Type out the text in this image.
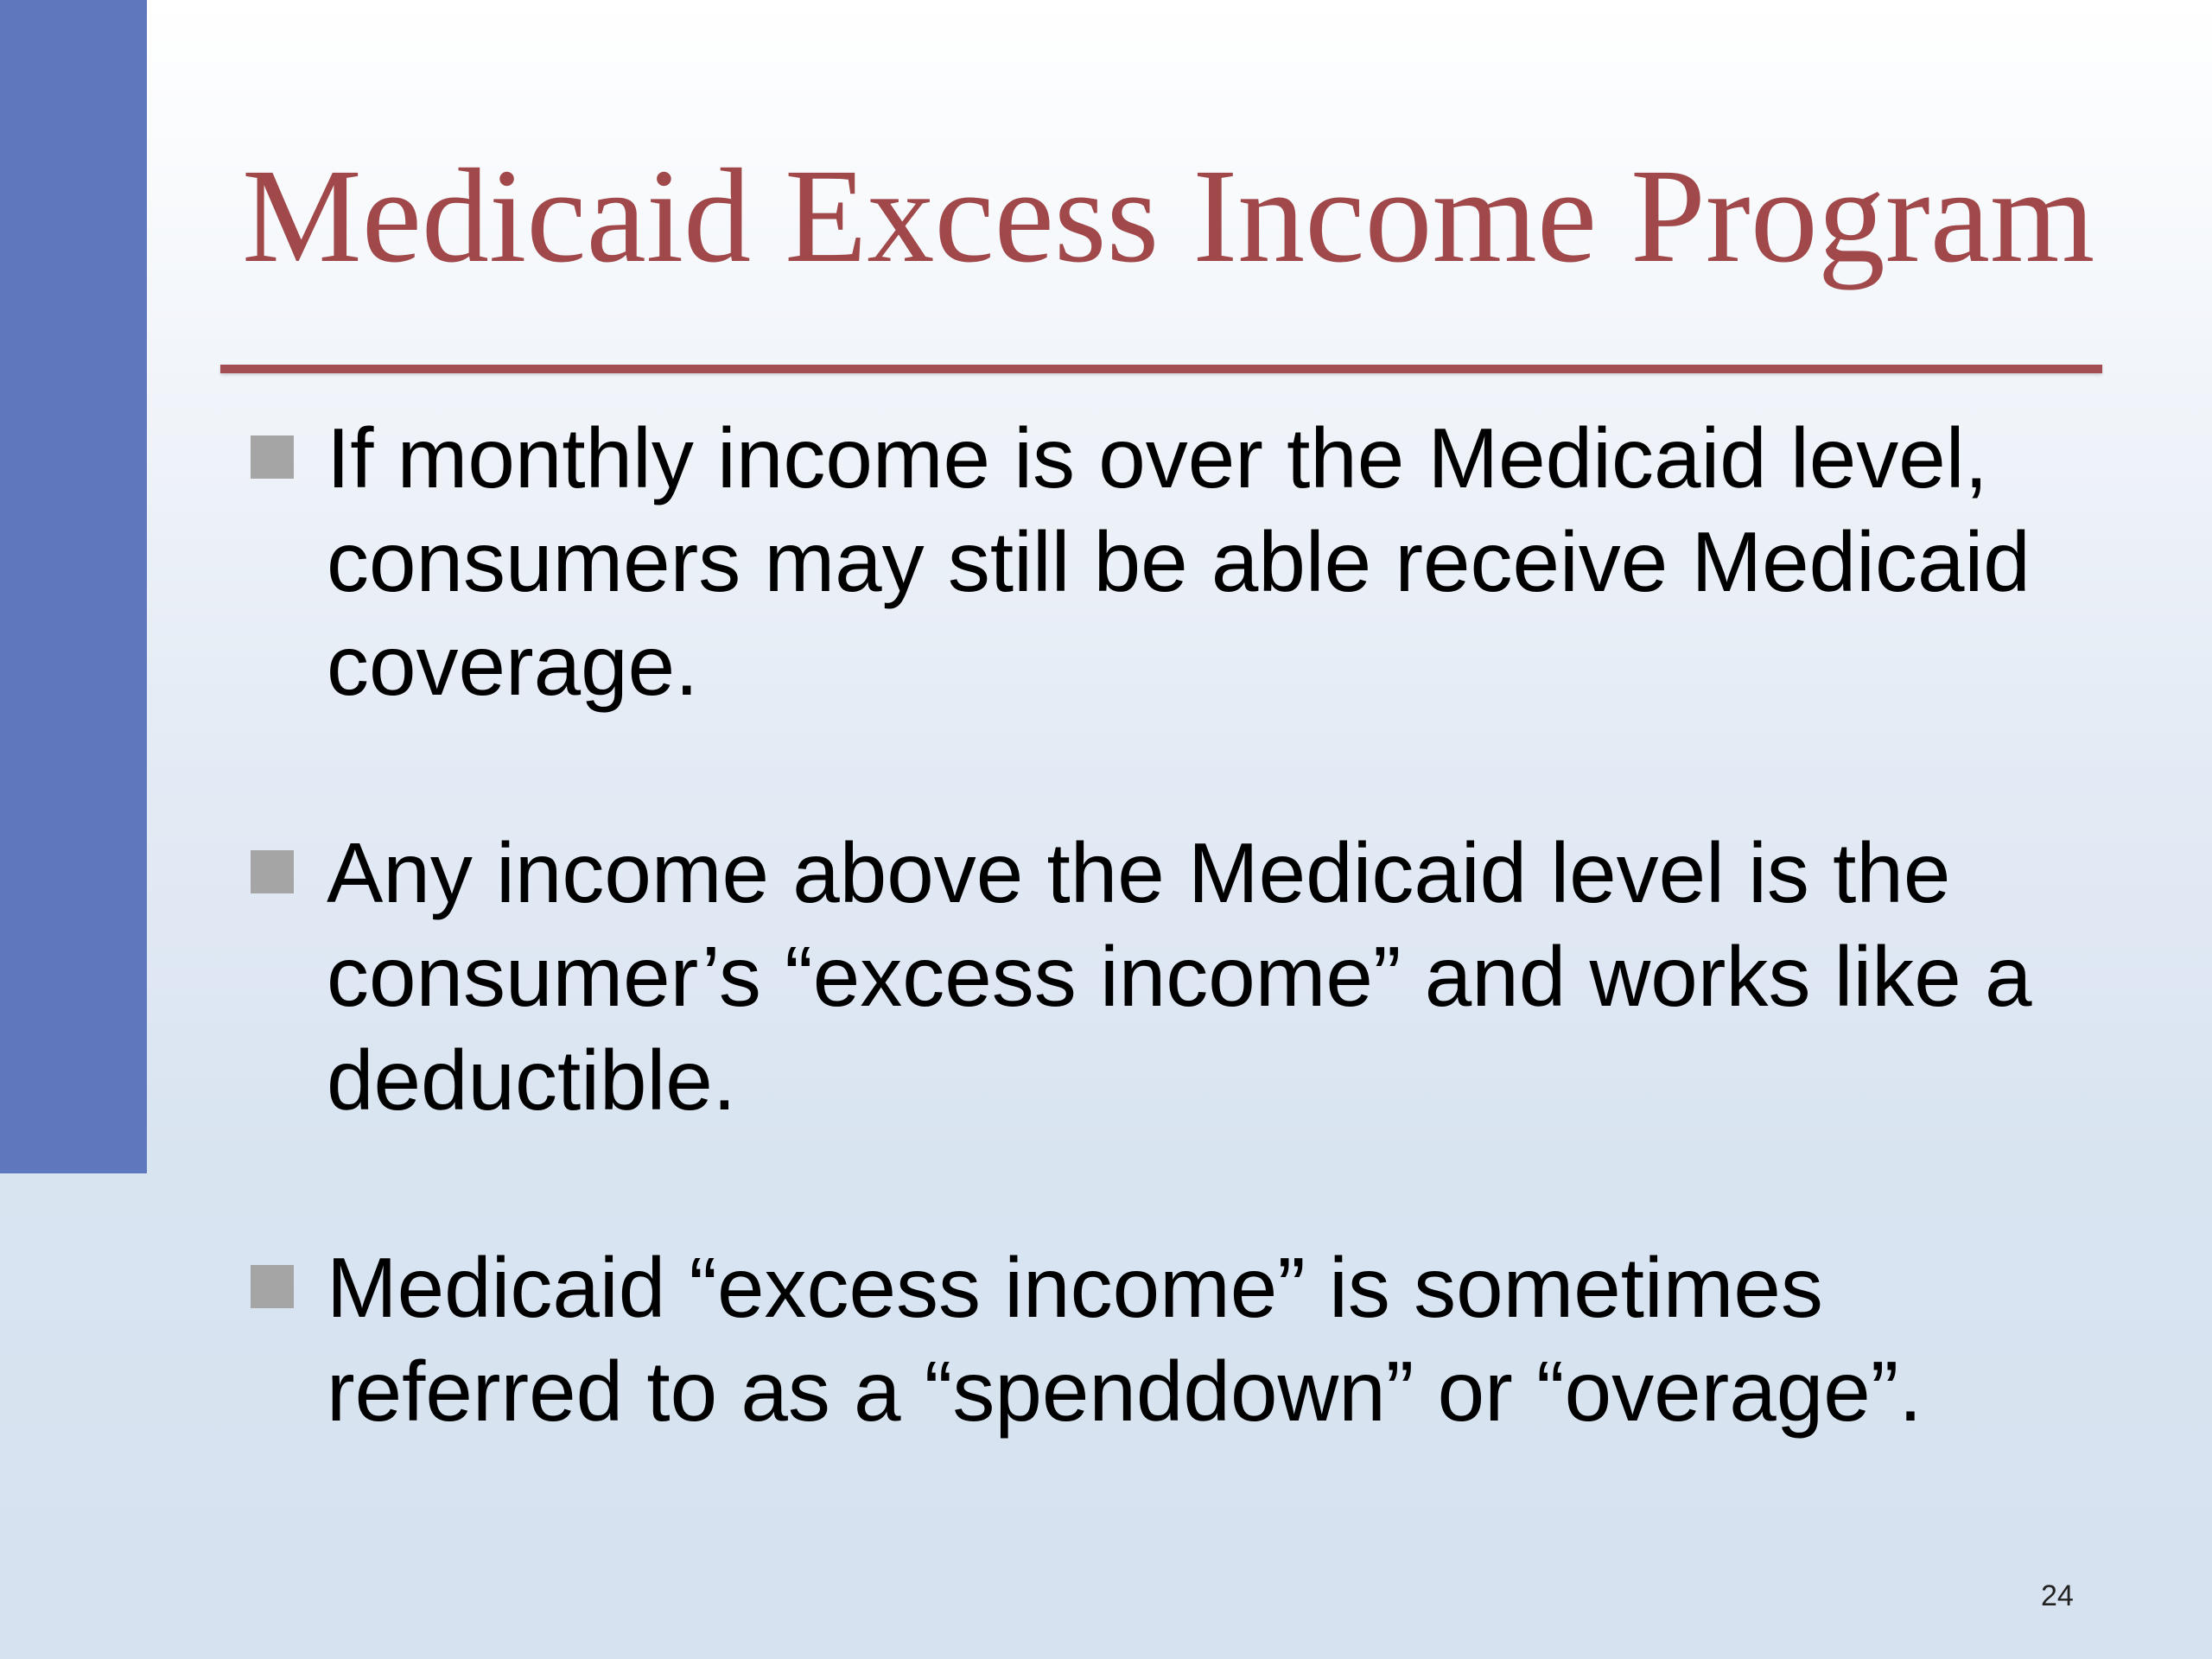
Medicaid Excess Income Program
If monthly income is over the Medicaid level, consumers may still be able receive Medicaid coverage.
Any income above the Medicaid level is the consumer’s “excess income” and works like a deductible.
Medicaid “excess income” is sometimes referred to as a “spenddown” or “overage”.
24
